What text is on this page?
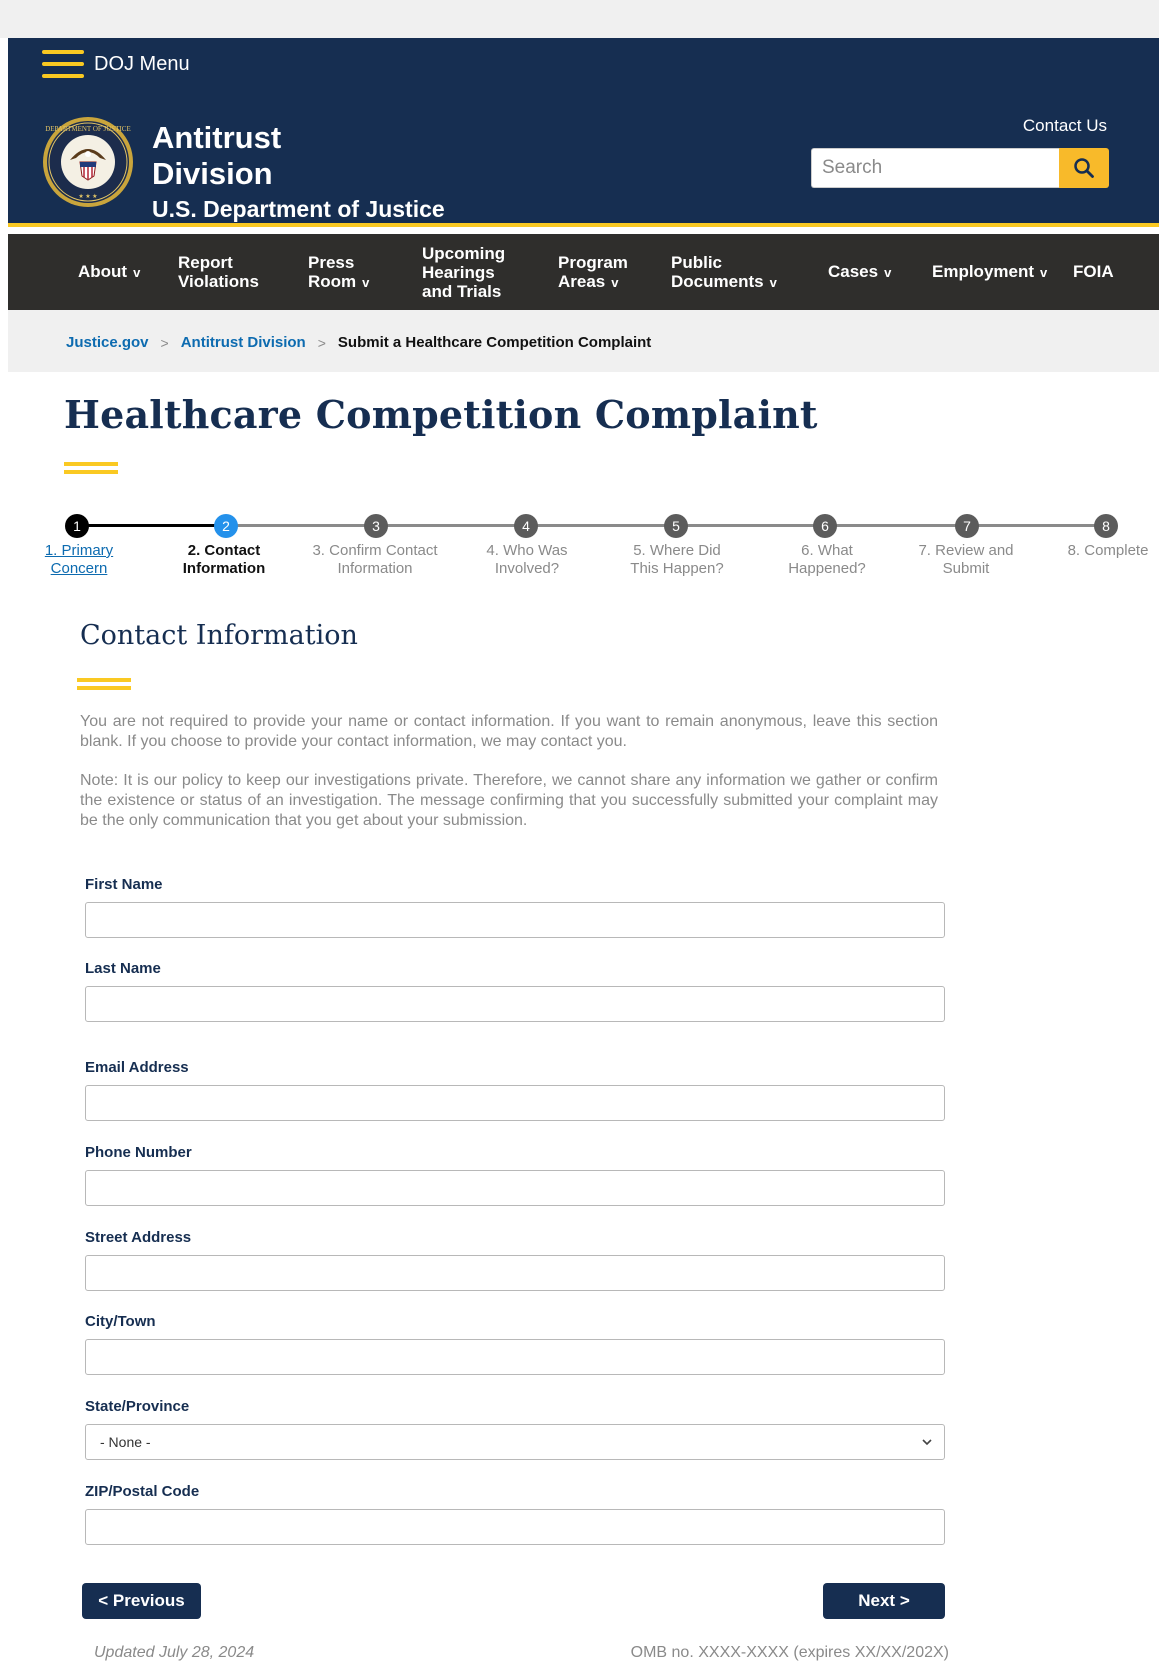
DOJ Menu
DEPARTMENT OF JUSTICE
★ ★ ★
Antitrust Division
U.S. Department of Justice
Contact Us
Search
About v
Report Violations
Press Room v
Upcoming Hearings and Trials
Program Areas v
Public Documents v
Cases v Employment v FOIA
Justice.gov > Antitrust Division > Submit a Healthcare Competition Complaint
Healthcare Competition Complaint
1	2	3	4	5	6	7	8
1. Primary
Concern
2. Contact
Information
3. Confirm Contact
Information
4. Who Was
Involved?
5. Where Did
This Happen?
6. What
Happened?
7. Review and
Submit
8. Complete
Contact Information

You are not required to provide your name or contact information. If you want to remain anonymous, leave this section blank. If you choose to provide your contact information, we may contact you.

Note: It is our policy to keep our investigations private. Therefore, we cannot share any information we gather or confirm the existence or status of an investigation. The message confirming that you successfully submitted your complaint may be the only communication that you get about your submission.

First Name
Last Name
Email Address
Phone Number
Street Address
City/Town
State/Province
- None -
ZIP/Postal Code
< Previous	Next >
Updated July 28, 2024	OMB no. XXXX-XXXX (expires XX/XX/202X)
